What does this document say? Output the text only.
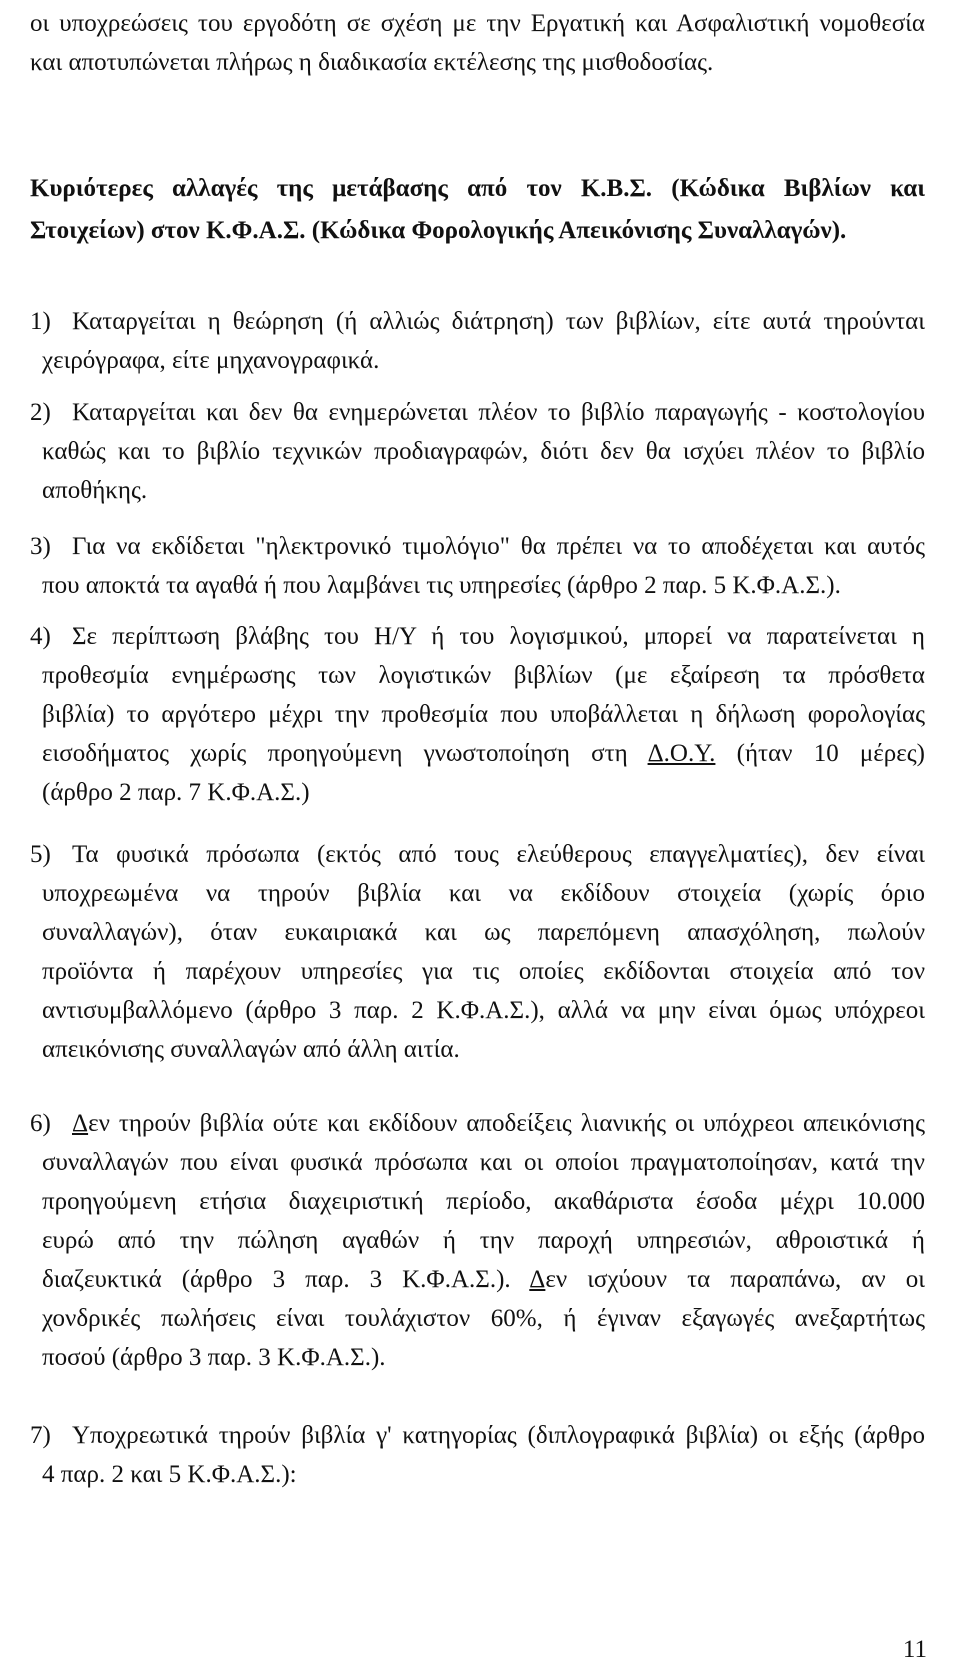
οι υποχρεώσεις του εργοδότη σε σχέση με την Εργατική και Ασφαλιστική νομοθεσία
και αποτυπώνεται πλήρως η διαδικασία εκτέλεσης της μισθοδοσίας.
Κυριότερες αλλαγές της μετάβασης από τον Κ.Β.Σ. (Κώδικα Βιβλίων και
Στοιχείων) στον Κ.Φ.Α.Σ. (Κώδικα Φορολογικής Απεικόνισης Συναλλαγών).
1) Καταργείται η θεώρηση (ή αλλιώς διάτρηση) των βιβλίων, είτε αυτά τηρούνται
χειρόγραφα, είτε μηχανογραφικά.
2) Καταργείται και δεν θα ενημερώνεται πλέον το βιβλίο παραγωγής - κοστολογίου
καθώς και το βιβλίο τεχνικών προδιαγραφών, διότι δεν θα ισχύει πλέον το βιβλίο
αποθήκης.
3) Για να εκδίδεται "ηλεκτρονικό τιμολόγιο" θα πρέπει να το αποδέχεται και αυτός
που αποκτά τα αγαθά ή που λαμβάνει τις υπηρεσίες (άρθρο 2 παρ. 5 Κ.Φ.Α.Σ.).
4) Σε περίπτωση βλάβης του Η/Υ ή του λογισμικού, μπορεί να παρατείνεται η
προθεσμία ενημέρωσης των λογιστικών βιβλίων (με εξαίρεση τα πρόσθετα
βιβλία) το αργότερο μέχρι την προθεσμία που υποβάλλεται η δήλωση φορολογίας
εισοδήματος χωρίς προηγούμενη γνωστοποίηση στη Δ.Ο.Υ. (ήταν 10 μέρες)
(άρθρο 2 παρ. 7 Κ.Φ.Α.Σ.)
5) Τα φυσικά πρόσωπα (εκτός από τους ελεύθερους επαγγελματίες), δεν είναι
υποχρεωμένα να τηρούν βιβλία και να εκδίδουν στοιχεία (χωρίς όριο
συναλλαγών), όταν ευκαιριακά και ως παρεπόμενη απασχόληση, πωλούν
προϊόντα ή παρέχουν υπηρεσίες για τις οποίες εκδίδονται στοιχεία από τον
αντισυμβαλλόμενο (άρθρο 3 παρ. 2 Κ.Φ.Α.Σ.), αλλά να μην είναι όμως υπόχρεοι
απεικόνισης συναλλαγών από άλλη αιτία.
6) Δεν τηρούν βιβλία ούτε και εκδίδουν αποδείξεις λιανικής οι υπόχρεοι απεικόνισης
συναλλαγών που είναι φυσικά πρόσωπα και οι οποίοι πραγματοποίησαν, κατά την
προηγούμενη ετήσια διαχειριστική περίοδο, ακαθάριστα έσοδα μέχρι 10.000
ευρώ από την πώληση αγαθών ή την παροχή υπηρεσιών, αθροιστικά ή
διαζευκτικά (άρθρο 3 παρ. 3 Κ.Φ.Α.Σ.). Δεν ισχύουν τα παραπάνω, αν οι
χονδρικές πωλήσεις είναι τουλάχιστον 60%, ή έγιναν εξαγωγές ανεξαρτήτως
ποσού (άρθρο 3 παρ. 3 Κ.Φ.Α.Σ.).
7) Υποχρεωτικά τηρούν βιβλία γ' κατηγορίας (διπλογραφικά βιβλία) οι εξής (άρθρο
4 παρ. 2 και 5 Κ.Φ.Α.Σ.):
11
